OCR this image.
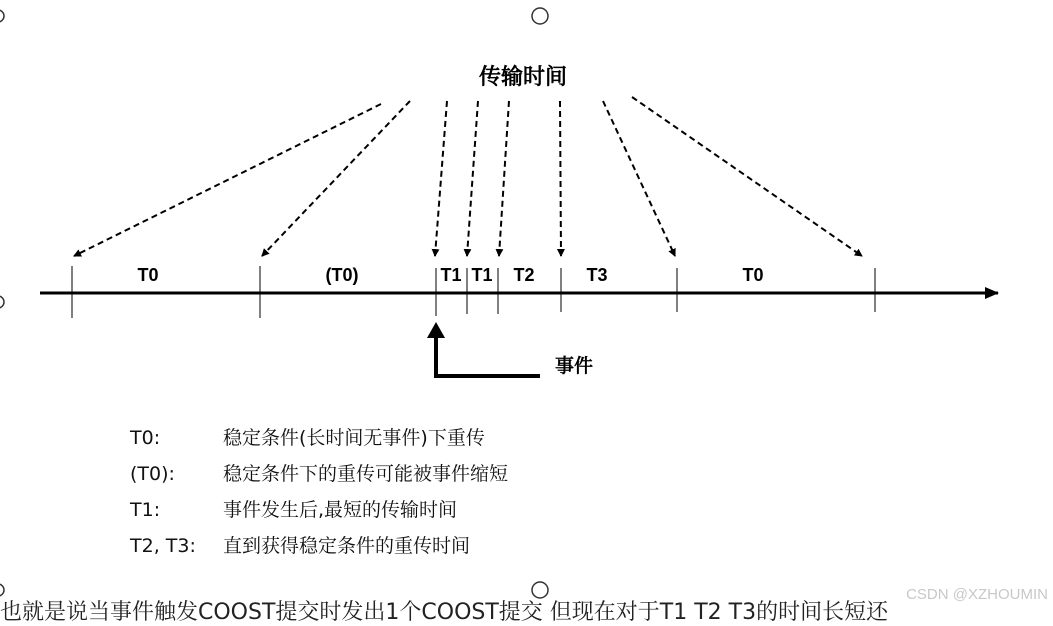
传输时间
T0	(T0)	T1 T1 T2	T3	T0
事件
T0:	稳定条件(长时间无事件)下重传
(T0):	稳定条件下的重传可能被事件缩短
T1:	事件发生后,最短的传输时间
T2, T3:	直到获得稳定条件的重传时间
也就是说当事件触发COOST提交时发出1个COOST提交 但现在对于T1 T2 T3的时间长短还
CSDN @XZHOUMIN
